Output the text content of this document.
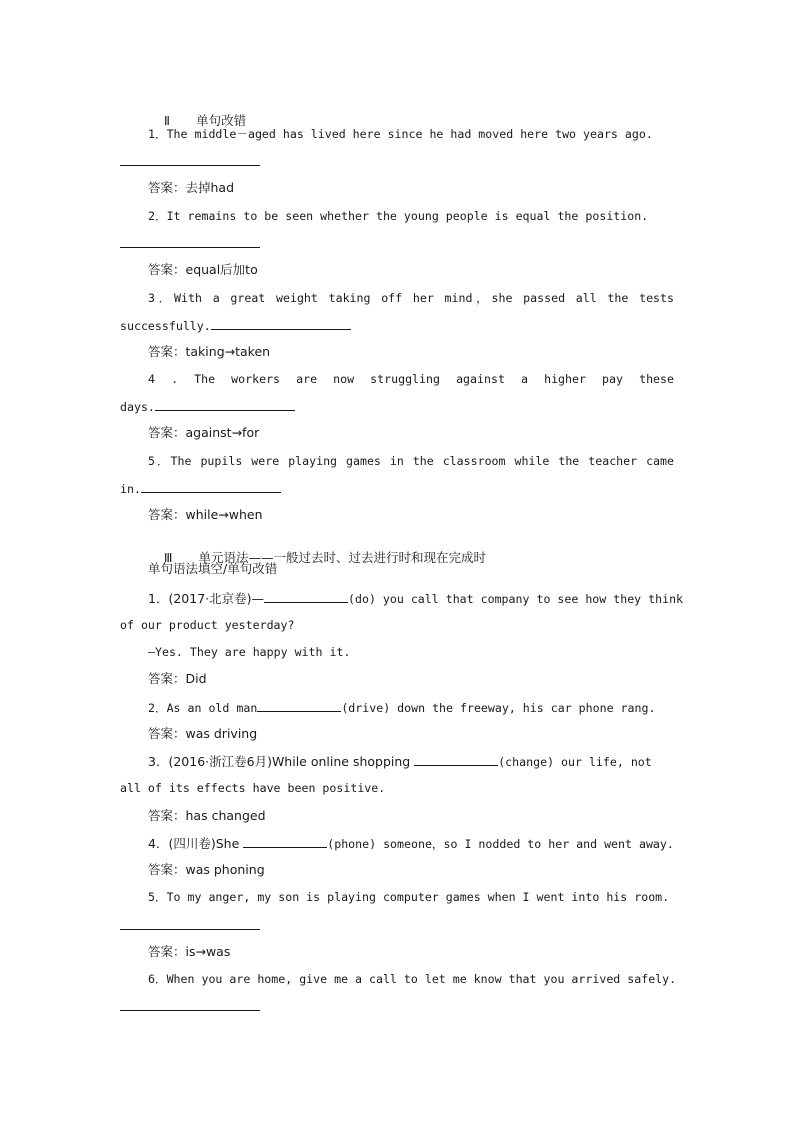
Ⅱ 单句改错

1．The middle－aged has lived here since he had moved here two years ago.
答案：去掉had
2．It remains to be seen whether the young people is equal the position.
答案：equal后加to
3．With a great weight taking off her mind，she passed all the tests
successfully.
答案：taking→taken
4 . The workers are now struggling against a higher pay these
days.
答案：against→for
5．The pupils were playing games in the classroom while the teacher came
in.
答案：while→when

Ⅲ 单元语法——一般过去时、过去进行时和现在完成时

单句语法填空/单句改错
1．(2017·北京卷)—	(do) you call that company to see how they think
of our product yesterday?
—Yes. They are happy with it.
答案：Did
2．As an old man	(drive) down the freeway, his car phone rang.
答案：was driving
3．(2016·浙江卷6月)While online shopping	(change) our life, not
all of its effects have been positive.
答案：has changed
4．(四川卷)She	(phone) someone，so I nodded to her and went away.
答案：was phoning
5．To my anger, my son is playing computer games when I went into his room.
答案：is→was
6．When you are home, give me a call to let me know that you arrived safely.
